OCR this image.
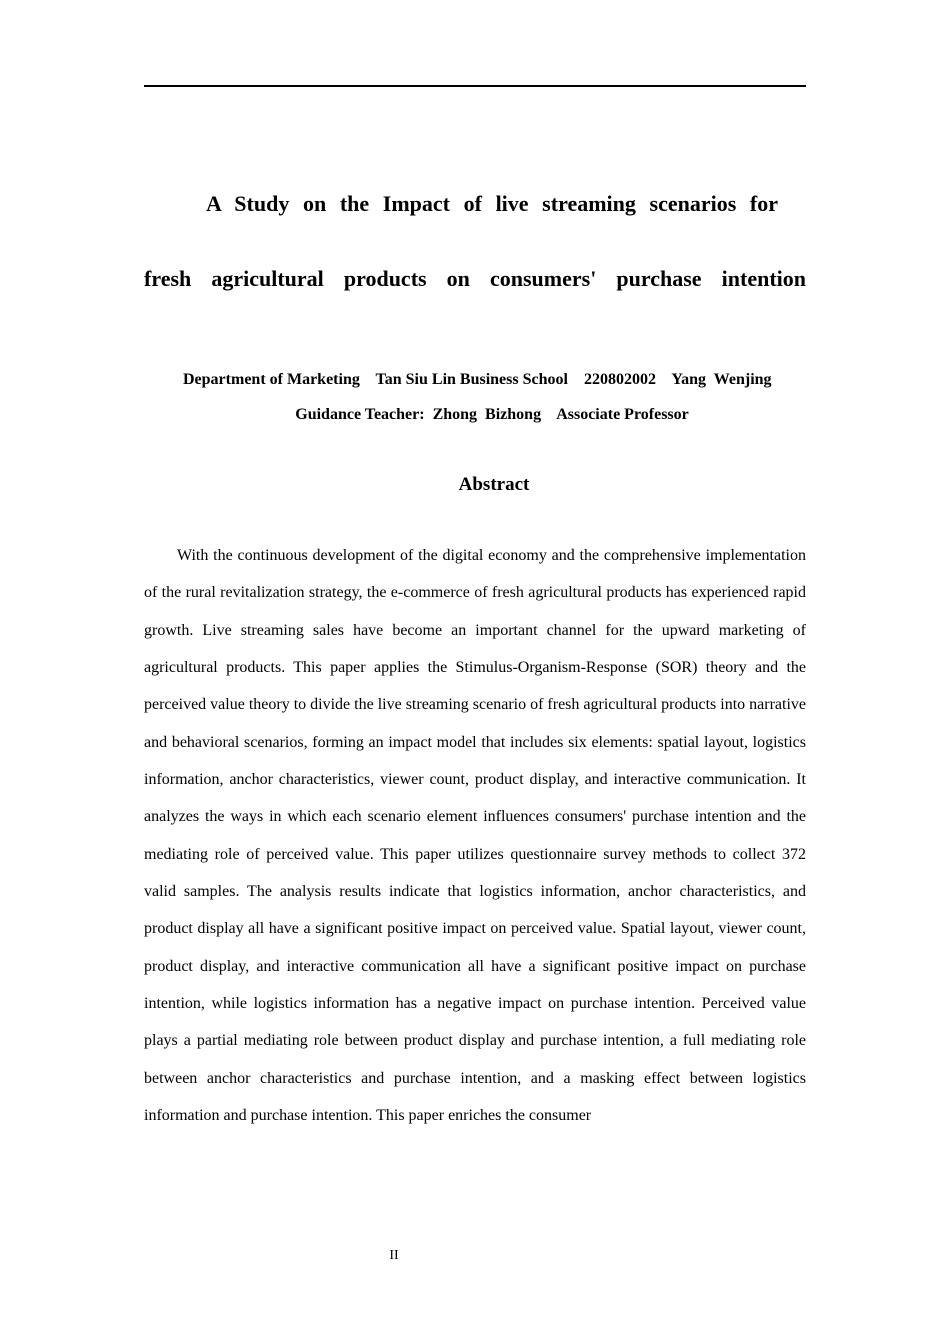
A Study on the Impact of live streaming scenarios for
fresh agricultural products on consumers' purchase intention
Department of Marketing    Tan Siu Lin Business School    220802002    Yang  Wenjing
Guidance Teacher:  Zhong  Bizhong    Associate Professor
Abstract

With the continuous development of the digital economy and the comprehensive implementation of the rural revitalization strategy, the e-commerce of fresh agricultural products has experienced rapid growth. Live streaming sales have become an important channel for the upward marketing of agricultural products. This paper applies the Stimulus-Organism-Response (SOR) theory and the perceived value theory to divide the live streaming scenario of fresh agricultural products into narrative and behavioral scenarios, forming an impact model that includes six elements: spatial layout, logistics information, anchor characteristics, viewer count, product display, and interactive communication. It analyzes the ways in which each scenario element influences consumers' purchase intention and the mediating role of perceived value. This paper utilizes questionnaire survey methods to collect 372 valid samples. The analysis results indicate that logistics information, anchor characteristics, and product display all have a significant positive impact on perceived value. Spatial layout, viewer count, product display, and interactive communication all have a significant positive impact on purchase intention, while logistics information has a negative impact on purchase intention. Perceived value plays a partial mediating role between product display and purchase intention, a full mediating role between anchor characteristics and purchase intention, and a masking effect between logistics information and purchase intention. This paper enriches the consumer

II
